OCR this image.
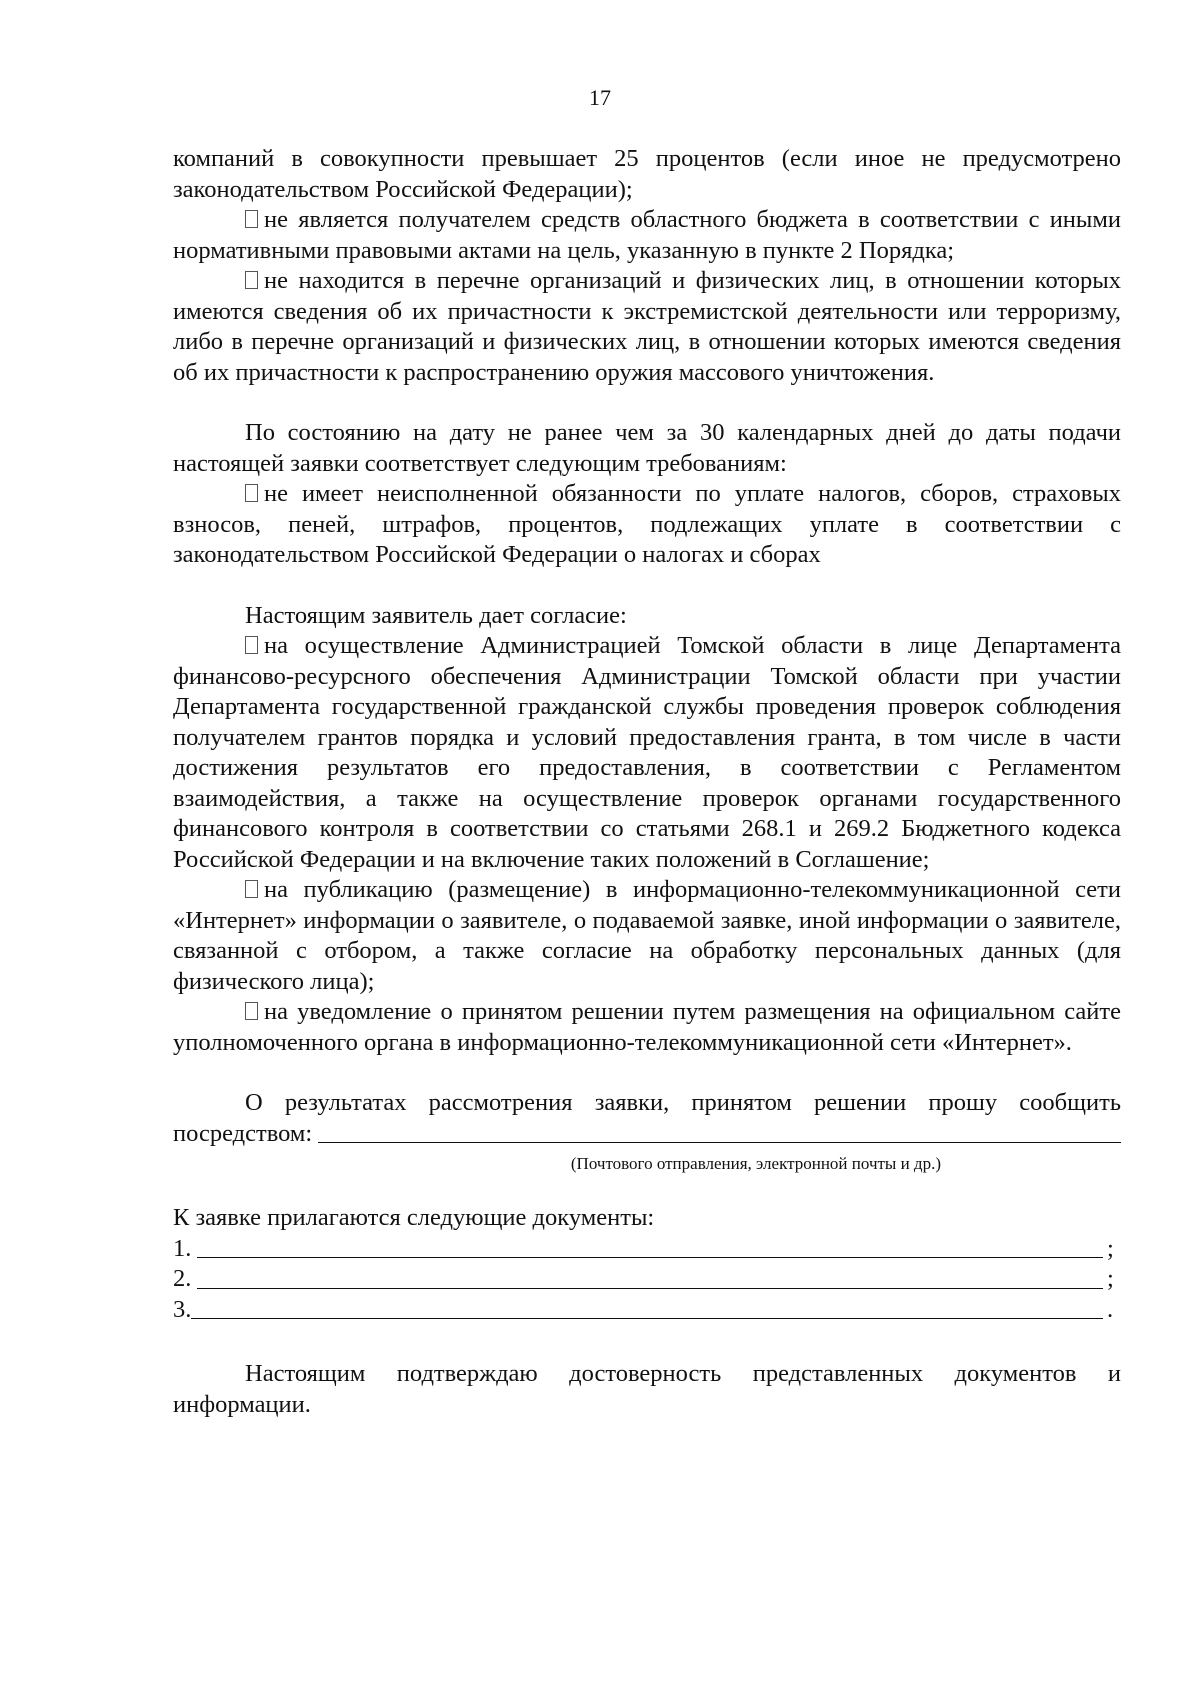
17

компаний в совокупности превышает 25 процентов (если иное не предусмотрено законодательством Российской Федерации);

не является получателем средств областного бюджета в соответствии с иными нормативными правовыми актами на цель, указанную в пункте 2 Порядка;

не находится в перечне организаций и физических лиц, в отношении которых имеются сведения об их причастности к экстремистской деятельности или терроризму, либо в перечне организаций и физических лиц, в отношении которых имеются сведения об их причастности к распространению оружия массового уничтожения.

По состоянию на дату не ранее чем за 30 календарных дней до даты подачи настоящей заявки соответствует следующим требованиям:

не имеет неисполненной обязанности по уплате налогов, сборов, страховых взносов, пеней, штрафов, процентов, подлежащих уплате в соответствии с законодательством Российской Федерации о налогах и сборах

Настоящим заявитель дает согласие:

на осуществление Администрацией Томской области в лице Департамента финансово-ресурсного обеспечения Администрации Томской области при участии Департамента государственной гражданской службы проведения проверок соблюдения получателем грантов порядка и условий предоставления гранта, в том числе в части достижения результатов его предоставления, в соответствии с Регламентом взаимодействия, а также на осуществление проверок органами государственного финансового контроля в соответствии со статьями 268.1 и 269.2 Бюджетного кодекса Российской Федерации и на включение таких положений в Соглашение;

на публикацию (размещение) в информационно-телекоммуникационной сети «Интернет» информации о заявителе, о подаваемой заявке, иной информации о заявителе, связанной с отбором, а также согласие на обработку персональных данных (для физического лица);

на уведомление о принятом решении путем размещения на официальном сайте уполномоченного органа в информационно-телекоммуникационной сети «Интернет».

О результатах рассмотрения заявки, принятом решении прошу сообщить

посредством:
(Почтового отправления, электронной почты и др.)

К заявке прилагаются следующие документы:

1.	;
2.	;
3.	.

Настоящим подтверждаю достоверность представленных документов и информации.
